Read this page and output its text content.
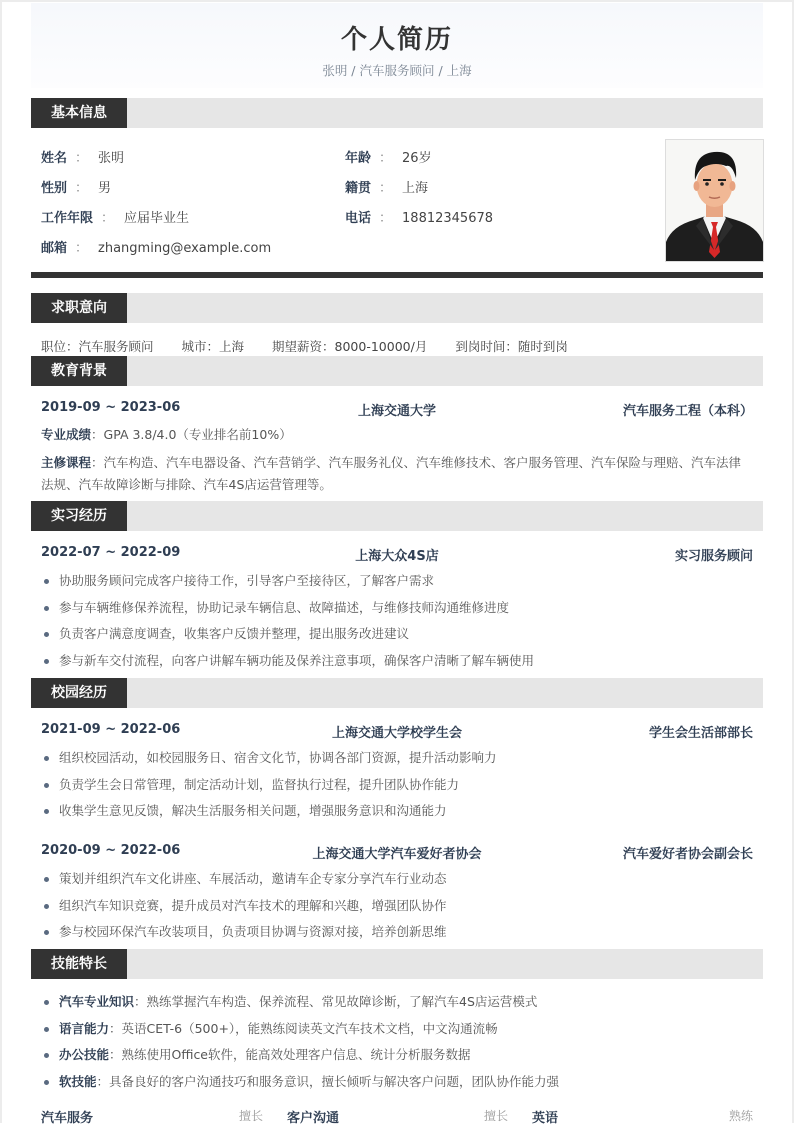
个人简历
张明 / 汽车服务顾问 / 上海
基本信息
姓名 ： 张明	年龄 ： 26岁
性别 ： 男	籍贯 ： 上海
工作年限 ： 应届毕业生	电话 ： 18812345678
邮箱 ： zhangming@example.com
求职意向
职位：汽车服务顾问 城市：上海 期望薪资：8000-10000/月 到岗时间：随时到岗
教育背景
2019-09 ~ 2023-06	上海交通大学	汽车服务工程（本科）
专业成绩：GPA 3.8/4.0（专业排名前10%）
主修课程：汽车构造、汽车电器设备、汽车营销学、汽车服务礼仪、汽车维修技术、客户服务管理、汽车保险与理赔、汽车法律法规、汽车故障诊断与排除、汽车4S店运营管理等。
实习经历
2022-07 ~ 2022-09	上海大众4S店	实习服务顾问
协助服务顾问完成客户接待工作，引导客户至接待区，了解客户需求
参与车辆维修保养流程，协助记录车辆信息、故障描述，与维修技师沟通维修进度
负责客户满意度调查，收集客户反馈并整理，提出服务改进建议
参与新车交付流程，向客户讲解车辆功能及保养注意事项，确保客户清晰了解车辆使用
校园经历
2021-09 ~ 2022-06	上海交通大学校学生会	学生会生活部部长
组织校园活动，如校园服务日、宿舍文化节，协调各部门资源，提升活动影响力
负责学生会日常管理，制定活动计划，监督执行过程，提升团队协作能力
收集学生意见反馈，解决生活服务相关问题，增强服务意识和沟通能力
2020-09 ~ 2022-06	上海交通大学汽车爱好者协会	汽车爱好者协会副会长
策划并组织汽车文化讲座、车展活动，邀请车企专家分享汽车行业动态
组织汽车知识竞赛，提升成员对汽车技术的理解和兴趣，增强团队协作
参与校园环保汽车改装项目，负责项目协调与资源对接，培养创新思维
技能特长
汽车专业知识：熟练掌握汽车构造、保养流程、常见故障诊断，了解汽车4S店运营模式
语言能力：英语CET-6（500+），能熟练阅读英文汽车技术文档，中文沟通流畅
办公技能：熟练使用Office软件，能高效处理客户信息、统计分析服务数据
软技能：具备良好的客户沟通技巧和服务意识，擅长倾听与解决客户问题，团队协作能力强
汽车服务	擅长 客户沟通	擅长 英语	熟练
